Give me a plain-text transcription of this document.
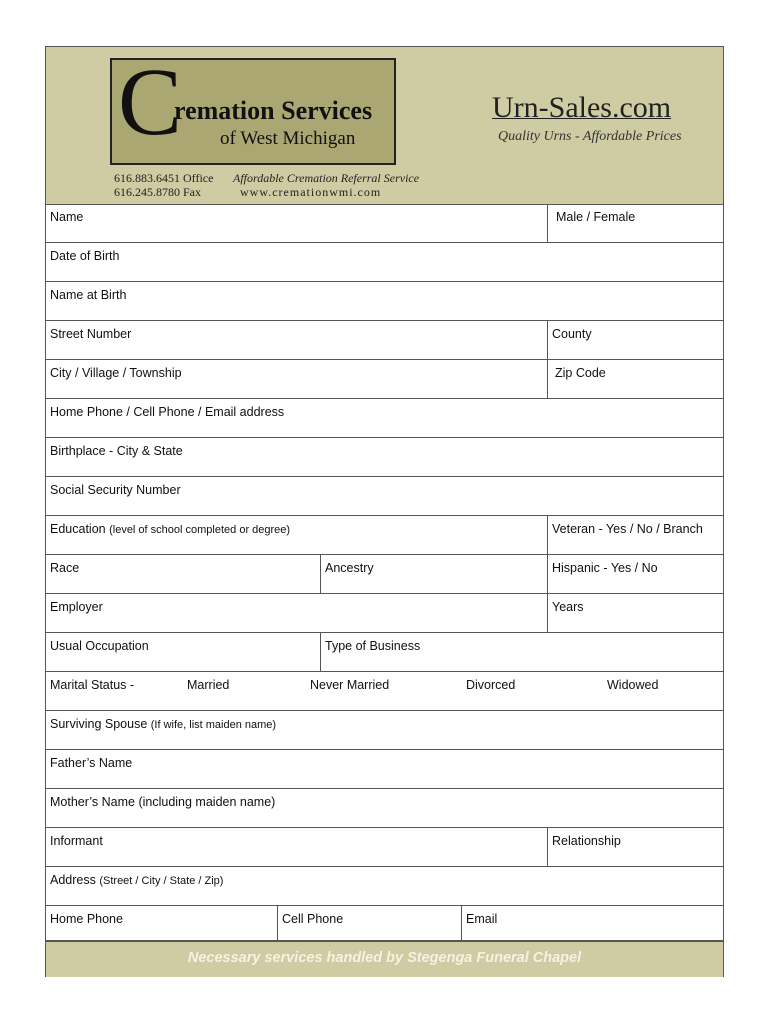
C
remation Services
of West Michigan
616.883.6451 Office
616.245.8780 Fax
Affordable Cremation Referral Service
www.cremationwmi.com
Urn-Sales.com
Quality Urns - Affordable Prices
Name	Male / Female
Date of Birth
Name at Birth
Street Number	County
City / Village / Township	Zip Code
Home Phone / Cell Phone / Email address
Birthplace - City & State
Social Security Number
Education (level of school completed or degree)	Veteran - Yes / No / Branch
Race	Ancestry	Hispanic - Yes / No
Employer	Years
Usual Occupation	Type of Business
Marital Status -	Married	Never Married	Divorced	Widowed
Surviving Spouse (If wife, list maiden name)
Father’s Name
Mother’s Name (including maiden name)
Informant	Relationship
Address (Street / City / State / Zip)
Home Phone	Cell Phone	Email
Necessary services handled by Stegenga Funeral Chapel
